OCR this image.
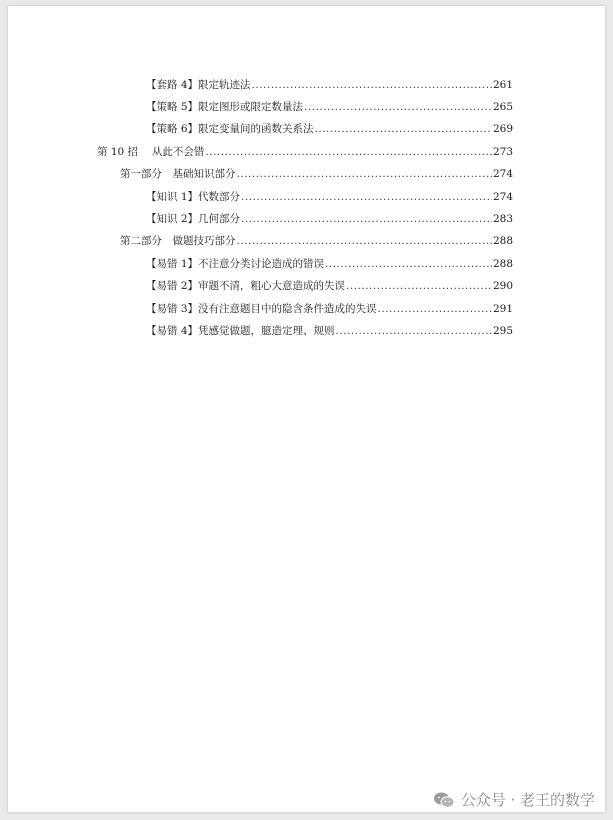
【套路 4】限定轨迹法 .....	261
【策略 5】限定图形或限定数量法 .....	265
【策略 6】限定变量间的函数关系法 .....	269
第 10 招　 从此不会错 .....	273
第一部分　基础知识部分 .....	274
【知识 1】代数部分 .....	274
【知识 2】几何部分 .....	283
第二部分　做题技巧部分 .....	288
【易错 1】不注意分类讨论造成的错误 .....	288
【易错 2】审题不清，粗心大意造成的失误 .....	290
【易错 3】没有注意题目中的隐含条件造成的失误 .....	291
【易错 4】凭感觉做题，臆造定理、规则 .....	295
公众号 · 老王的数学
